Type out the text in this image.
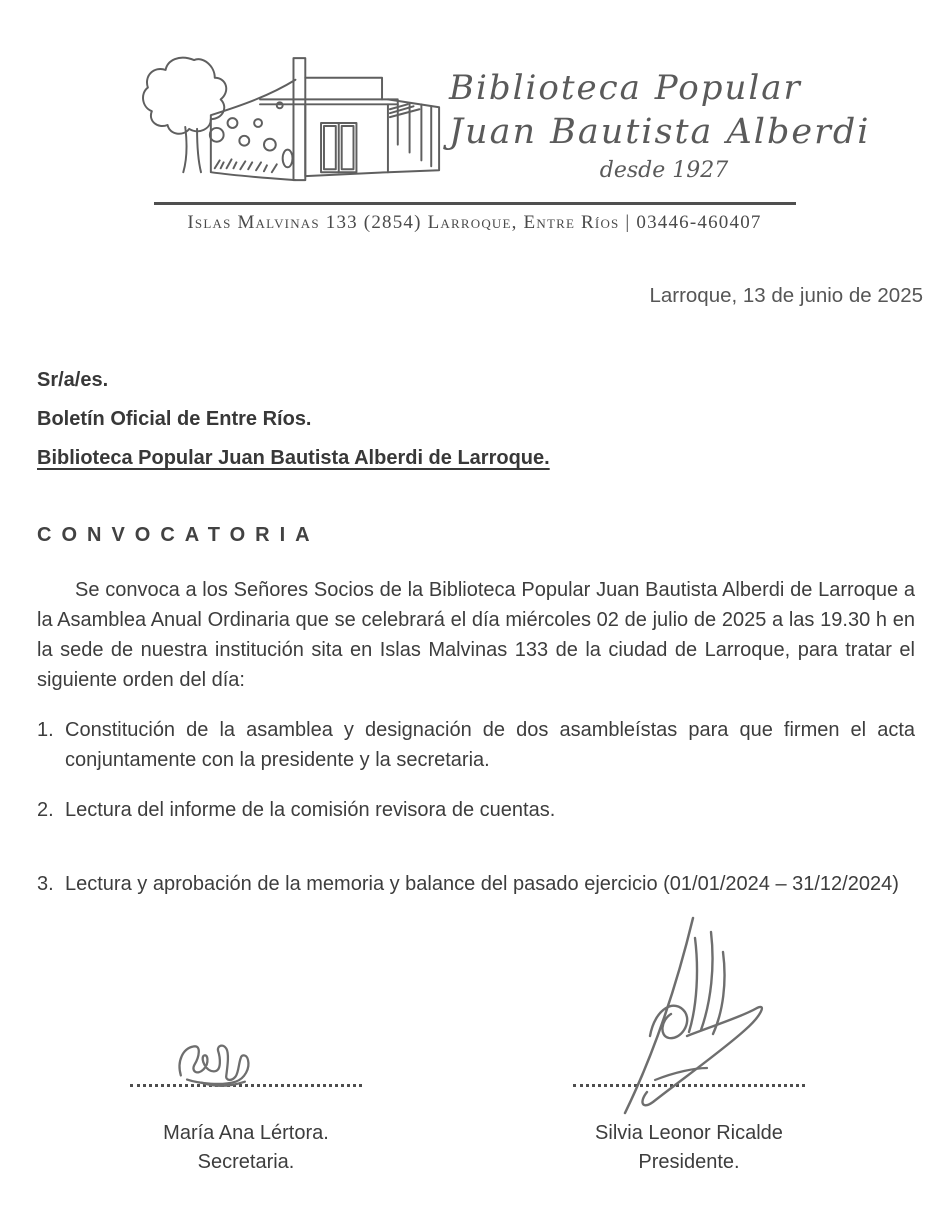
Biblioteca Popular
Juan Bautista Alberdi
desde 1927
Islas Malvinas 133 (2854) Larroque, Entre Ríos | 03446-460407
Larroque, 13 de junio de 2025

Sr/a/es.

Boletín Oficial de Entre Ríos.

Biblioteca Popular Juan Bautista Alberdi de Larroque.

CONVOCATORIA

Se convoca a los Señores Socios de la Biblioteca Popular Juan Bautista Alberdi de Larroque a la Asamblea Anual Ordinaria que se celebrará el día miércoles 02 de julio de 2025 a las 19.30 h en la sede de nuestra institución sita en Islas Malvinas 133 de la ciudad de Larroque, para tratar el siguiente orden del día:

1. Constitución de la asamblea y designación de dos asambleístas para que firmen el acta conjuntamente con la presidente y la secretaria.
2. Lectura del informe de la comisión revisora de cuentas.
3. Lectura y aprobación de la memoria y balance del pasado ejercicio (01/01/2024 – 31/12/2024)
María Ana Lértora.
Secretaria.
Silvia Leonor Ricalde
Presidente.
